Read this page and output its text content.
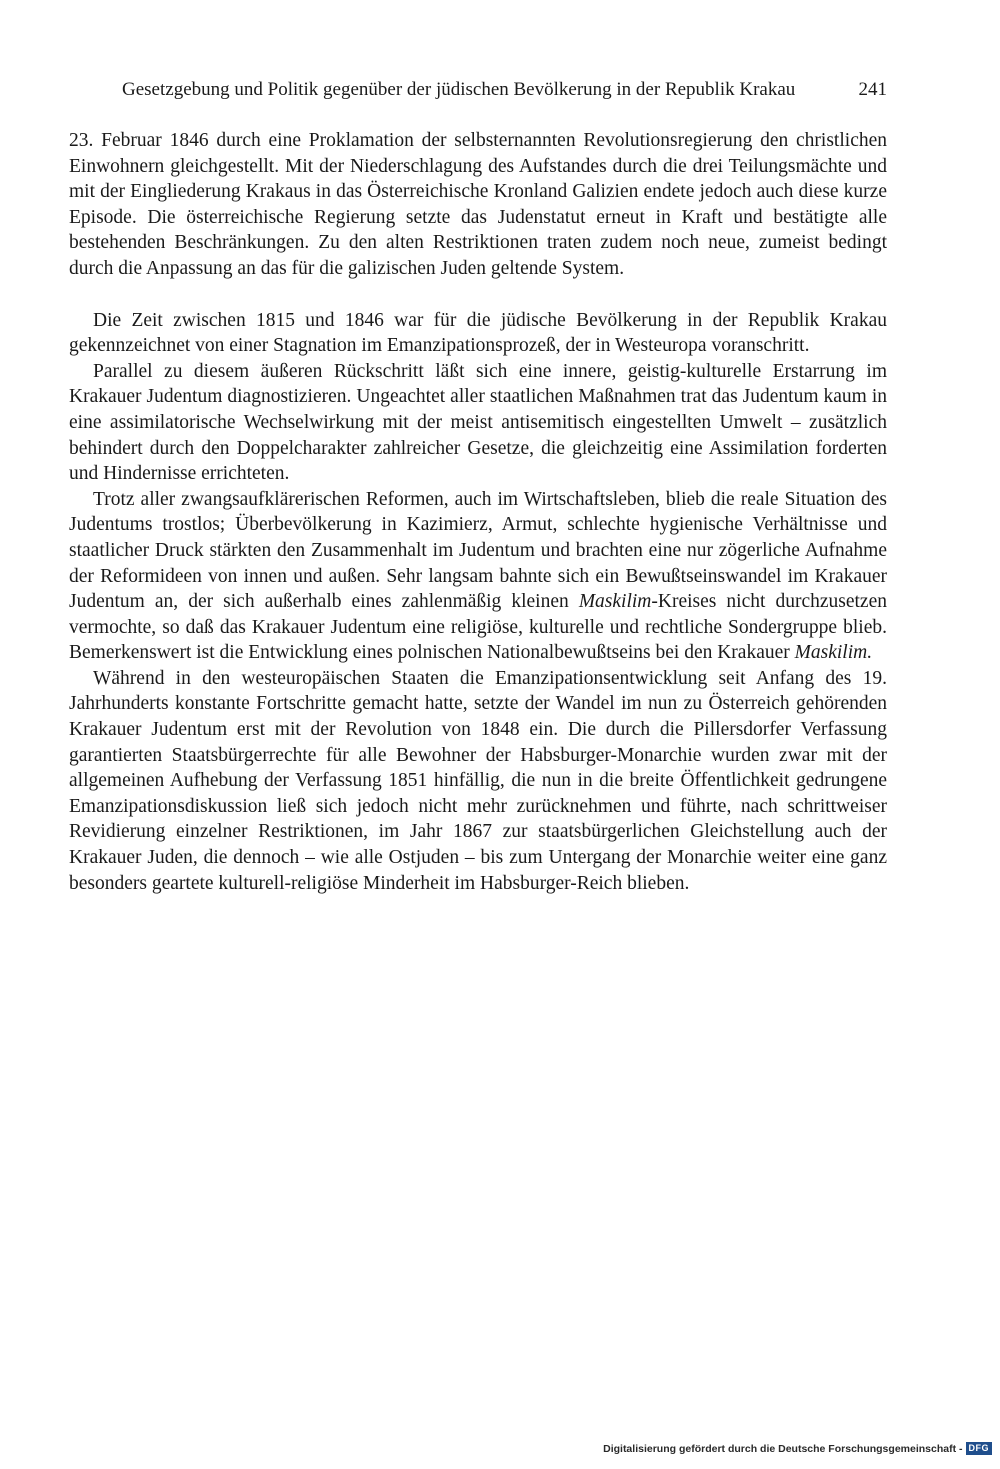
Gesetzgebung und Politik gegenüber der jüdischen Bevölkerung in der Republik Krakau	241

23. Februar 1846 durch eine Proklamation der selbsternannten Revolutionsregierung den christlichen Einwohnern gleichgestellt. Mit der Niederschlagung des Aufstandes durch die drei Teilungsmächte und mit der Eingliederung Krakaus in das Österreichische Kronland Galizien endete jedoch auch diese kurze Episode. Die österreichische Regierung setzte das Judenstatut erneut in Kraft und bestätigte alle bestehenden Beschränkungen. Zu den alten Restriktionen traten zudem noch neue, zumeist bedingt durch die Anpassung an das für die galizischen Juden geltende System.

Die Zeit zwischen 1815 und 1846 war für die jüdische Bevölkerung in der Republik Krakau gekennzeichnet von einer Stagnation im Emanzipationsprozeß, der in Westeuropa voranschritt.

Parallel zu diesem äußeren Rückschritt läßt sich eine innere, geistig-kulturelle Erstarrung im Krakauer Judentum diagnostizieren. Ungeachtet aller staatlichen Maßnahmen trat das Judentum kaum in eine assimilatorische Wechselwirkung mit der meist antisemitisch eingestellten Umwelt – zusätzlich behindert durch den Doppelcharakter zahlreicher Gesetze, die gleichzeitig eine Assimilation forderten und Hindernisse errichteten.

Trotz aller zwangsaufklärerischen Reformen, auch im Wirtschaftsleben, blieb die reale Situation des Judentums trostlos; Überbevölkerung in Kazimierz, Armut, schlechte hygienische Verhältnisse und staatlicher Druck stärkten den Zusammenhalt im Judentum und brachten eine nur zögerliche Aufnahme der Reformideen von innen und außen. Sehr langsam bahnte sich ein Bewußtseinswandel im Krakauer Judentum an, der sich außerhalb eines zahlenmäßig kleinen Maskilim-Kreises nicht durchzusetzen vermochte, so daß das Krakauer Judentum eine religiöse, kulturelle und rechtliche Sondergruppe blieb. Bemerkenswert ist die Entwicklung eines polnischen Nationalbewußtseins bei den Krakauer Maskilim.

Während in den westeuropäischen Staaten die Emanzipationsentwicklung seit Anfang des 19. Jahrhunderts konstante Fortschritte gemacht hatte, setzte der Wandel im nun zu Österreich gehörenden Krakauer Judentum erst mit der Revolution von 1848 ein. Die durch die Pillersdorfer Verfassung garantierten Staatsbürgerrechte für alle Bewohner der Habsburger-Monarchie wurden zwar mit der allgemeinen Aufhebung der Verfassung 1851 hinfällig, die nun in die breite Öffentlichkeit gedrungene Emanzipationsdiskussion ließ sich jedoch nicht mehr zurücknehmen und führte, nach schrittweiser Revidierung einzelner Restriktionen, im Jahr 1867 zur staatsbürgerlichen Gleichstellung auch der Krakauer Juden, die dennoch – wie alle Ostjuden – bis zum Untergang der Monarchie weiter eine ganz besonders geartete kulturell-religiöse Minderheit im Habsburger-Reich blieben.

Digitalisierung gefördert durch die Deutsche Forschungsgemeinschaft - DFG
